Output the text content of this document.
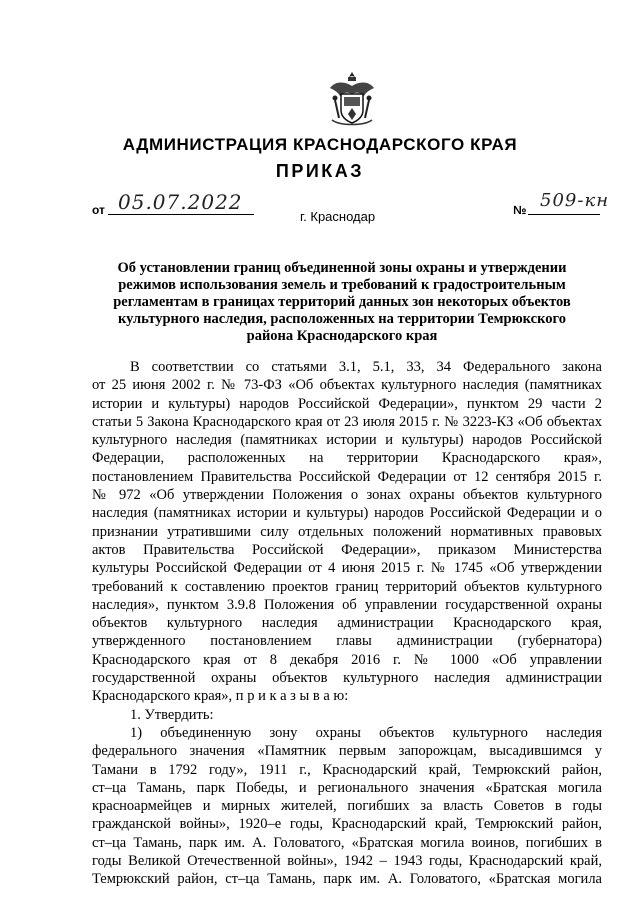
АДМИНИСТРАЦИЯ КРАСНОДАРСКОГО КРАЯ
ПРИКАЗ
от 05.07.2022
г. Краснодар	№ 509-кн
Об установлении границ объединенной зоны охраны и утверждении
режимов использования земель и требований к градостроительным
регламентам в границах территорий данных зон некоторых объектов
культурного наследия, расположенных на территории Темрюкского
района Краснодарского края
В соответствии со статьями 3.1, 5.1, 33, 34 Федерального закона
от 25 июня 2002 г. № 73-ФЗ «Об объектах культурного наследия (памятниках
истории и культуры) народов Российской Федерации», пунктом 29 части 2
статьи 5 Закона Краснодарского края от 23 июля 2015 г. № 3223-КЗ «Об объектах
культурного наследия (памятниках истории и культуры) народов Российской
Федерации, расположенных на территории Краснодарского края»,
постановлением Правительства Российской Федерации от 12 сентября 2015 г.
№ 972 «Об утверждении Положения о зонах охраны объектов культурного
наследия (памятниках истории и культуры) народов Российской Федерации и о
признании утратившими силу отдельных положений нормативных правовых
актов Правительства Российской Федерации», приказом Министерства
культуры Российской Федерации от 4 июня 2015 г. № 1745 «Об утверждении
требований к составлению проектов границ территорий объектов культурного
наследия», пунктом 3.9.8 Положения об управлении государственной охраны
объектов культурного наследия администрации Краснодарского края,
утвержденного постановлением главы администрации (губернатора)
Краснодарского края от 8 декабря 2016 г. № 1000 «Об управлении
государственной охраны объектов культурного наследия администрации
Краснодарского края», п р и к а з ы в а ю:
1. Утвердить:
1) объединенную зону охраны объектов культурного наследия
федерального значения «Памятник первым запорожцам, высадившимся у
Тамани в 1792 году», 1911 г., Краснодарский край, Темрюкский район,
ст–ца Тамань, парк Победы, и регионального значения «Братская могила
красноармейцев и мирных жителей, погибших за власть Советов в годы
гражданской войны», 1920–е годы, Краснодарский край, Темрюкский район,
ст–ца Тамань, парк им. А. Головатого, «Братская могила воинов, погибших в
годы Великой Отечественной войны», 1942 – 1943 годы, Краснодарский край,
Темрюкский район, ст–ца Тамань, парк им. А. Головатого, «Братская могила
